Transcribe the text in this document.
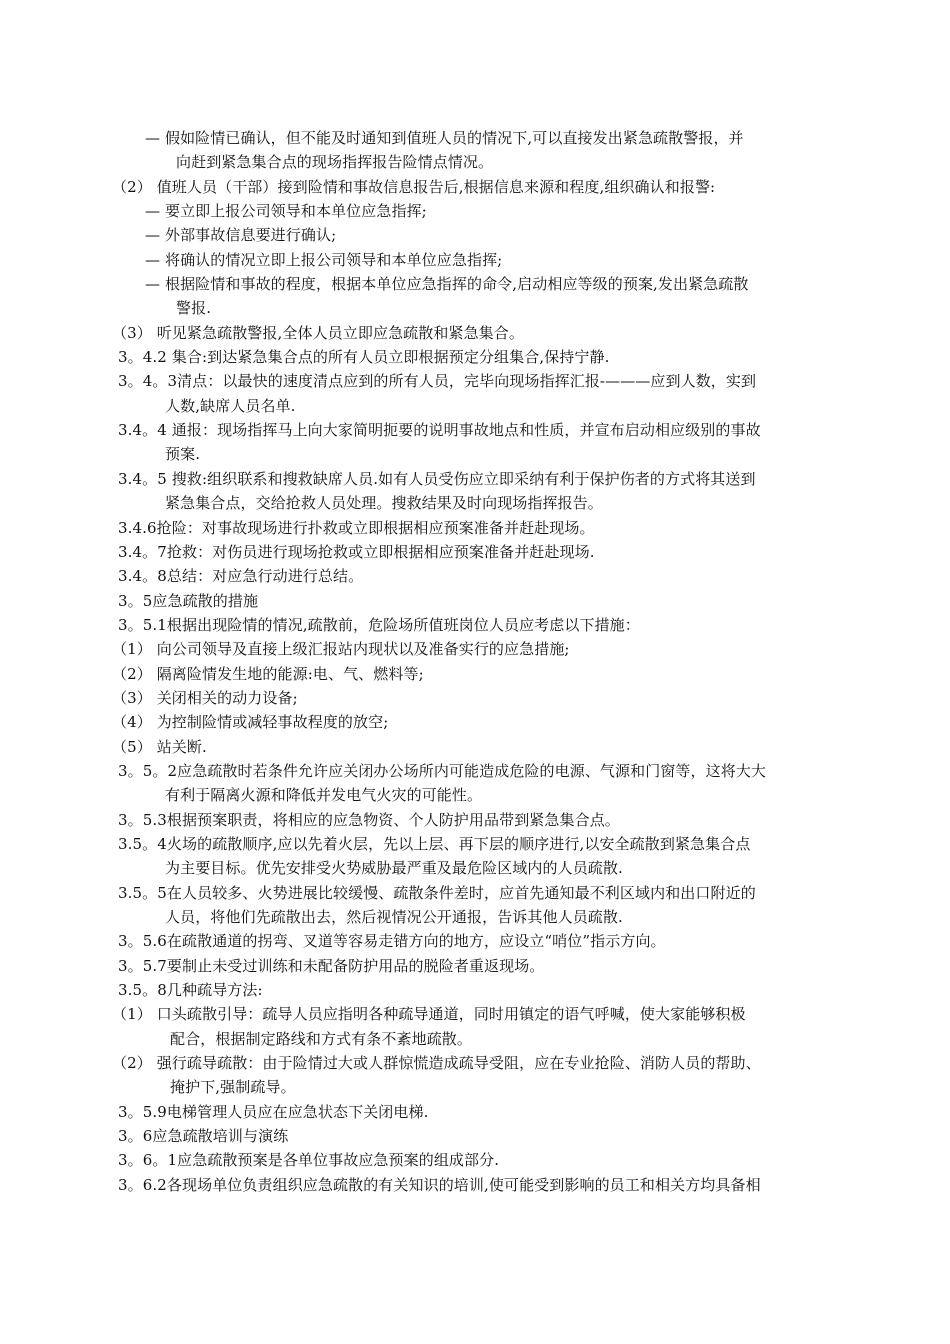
— 假如险情已确认，但不能及时通知到值班人员的情况下,可以直接发出紧急疏散警报，并
向赶到紧急集合点的现场指挥报告险情点情况。
（2） 值班人员（干部）接到险情和事故信息报告后,根据信息来源和程度,组织确认和报警:
— 要立即上报公司领导和本单位应急指挥;
— 外部事故信息要进行确认;
— 将确认的情况立即上报公司领导和本单位应急指挥;
— 根据险情和事故的程度，根据本单位应急指挥的命令,启动相应等级的预案,发出紧急疏散
警报.
（3） 听见紧急疏散警报,全体人员立即应急疏散和紧急集合。
3。4.2 集合:到达紧急集合点的所有人员立即根据预定分组集合,保持宁静.
3。4。3清点：以最快的速度清点应到的所有人员，完毕向现场指挥汇报-———应到人数，实到
人数,缺席人员名单.
3.4。4 通报：现场指挥马上向大家简明扼要的说明事故地点和性质，并宣布启动相应级别的事故
预案.
3.4。5 搜救:组织联系和搜救缺席人员.如有人员受伤应立即采纳有利于保护伤者的方式将其送到
紧急集合点，交给抢救人员处理。搜救结果及时向现场指挥报告。
3.4.6抢险：对事故现场进行扑救或立即根据相应预案准备并赶赴现场。
3.4。7抢救：对伤员进行现场抢救或立即根据相应预案准备并赶赴现场.
3.4。8总结：对应急行动进行总结。
3。5应急疏散的措施
3。5.1根据出现险情的情况,疏散前，危险场所值班岗位人员应考虑以下措施：
（1） 向公司领导及直接上级汇报站内现状以及准备实行的应急措施;
（2） 隔离险情发生地的能源:电、气、燃料等;
（3） 关闭相关的动力设备;
（4） 为控制险情或减轻事故程度的放空;
（5） 站关断.
3。5。2应急疏散时若条件允许应关闭办公场所内可能造成危险的电源、气源和门窗等，这将大大
有利于隔离火源和降低并发电气火灾的可能性。
3。5.3根据预案职责，将相应的应急物资、个人防护用品带到紧急集合点。
3.5。4火场的疏散顺序,应以先着火层，先以上层、再下层的顺序进行,以安全疏散到紧急集合点
为主要目标。优先安排受火势威胁最严重及最危险区域内的人员疏散.
3.5。5在人员较多、火势进展比较缓慢、疏散条件差时，应首先通知最不利区域内和出口附近的
人员，将他们先疏散出去，然后视情况公开通报，告诉其他人员疏散.
3。5.6在疏散通道的拐弯、叉道等容易走错方向的地方，应设立“哨位”指示方向。
3。5.7要制止未受过训练和未配备防护用品的脱险者重返现场。
3.5。8几种疏导方法:
（1） 口头疏散引导：疏导人员应指明各种疏导通道，同时用镇定的语气呼喊，使大家能够积极
配合，根据制定路线和方式有条不紊地疏散。
（2） 强行疏导疏散：由于险情过大或人群惊慌造成疏导受阻，应在专业抢险、消防人员的帮助、
掩护下,强制疏导。
3。5.9电梯管理人员应在应急状态下关闭电梯.
3。6应急疏散培训与演练
3。6。1应急疏散预案是各单位事故应急预案的组成部分.
3。6.2各现场单位负责组织应急疏散的有关知识的培训,使可能受到影响的员工和相关方均具备相
